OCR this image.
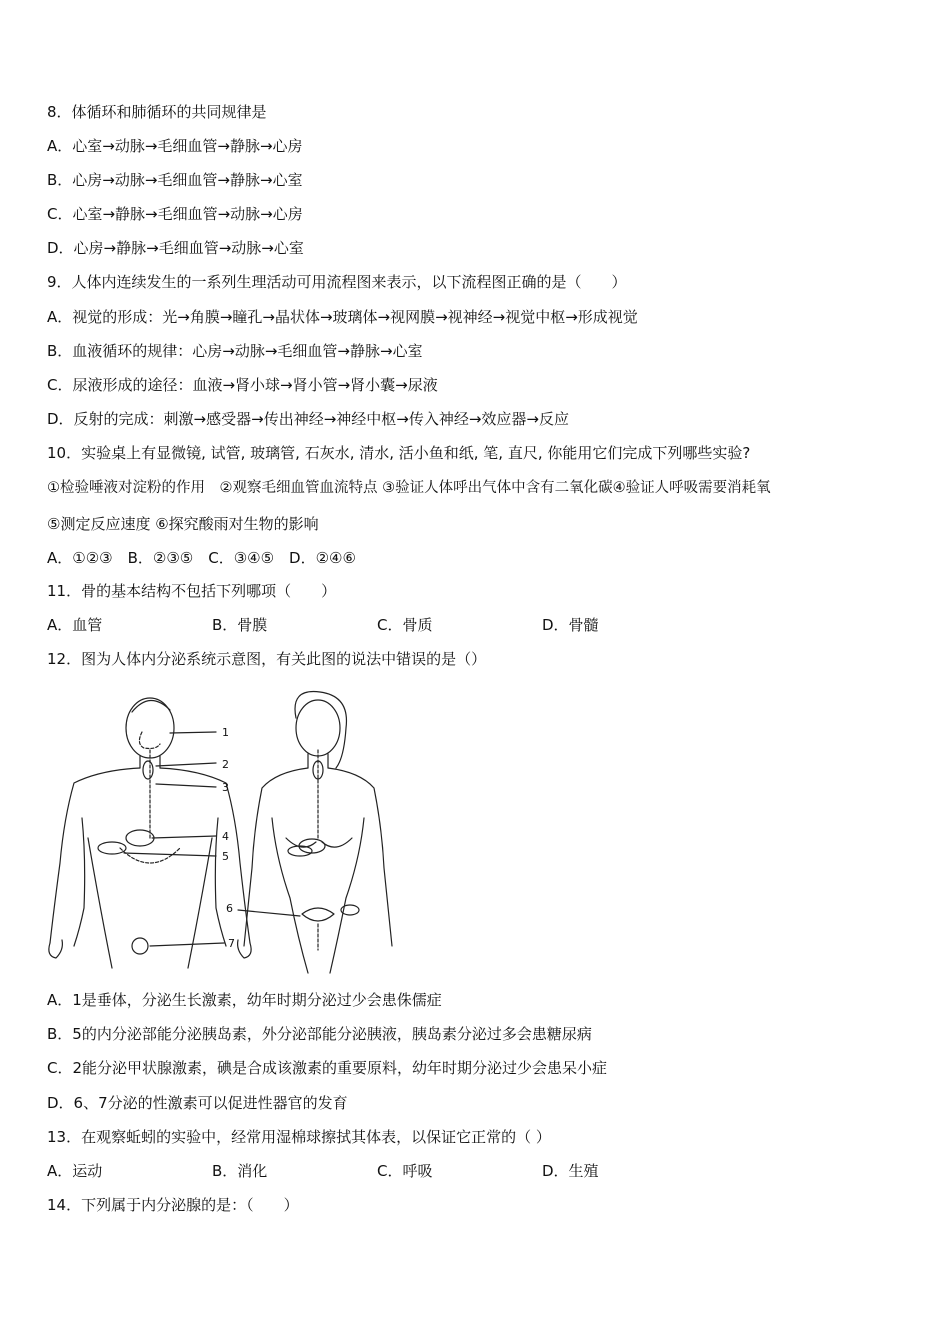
8．体循环和肺循环的共同规律是
A．心室→动脉→毛细血管→静脉→心房
B．心房→动脉→毛细血管→静脉→心室
C．心室→静脉→毛细血管→动脉→心房
D．心房→静脉→毛细血管→动脉→心室
9．人体内连续发生的一系列生理活动可用流程图来表示，以下流程图正确的是（　　）
A．视觉的形成：光→角膜→瞳孔→晶状体→玻璃体→视网膜→视神经→视觉中枢→形成视觉
B．血液循环的规律：心房→动脉→毛细血管→静脉→心室
C．尿液形成的途径：血液→肾小球→肾小管→肾小囊→尿液
D．反射的完成：刺激→感受器→传出神经→神经中枢→传入神经→效应器→反应
10．实验桌上有显微镜, 试管, 玻璃管, 石灰水, 清水, 活小鱼和纸, 笔, 直尺, 你能用它们完成下列哪些实验?
①检验唾液对淀粉的作用　②观察毛细血管血流特点 ③验证人体呼出气体中含有二氧化碳④验证人呼吸需要消耗氧
⑤测定反应速度 ⑥探究酸雨对生物的影响
A．①②③　B．②③⑤　C．③④⑤　D．②④⑥
11．骨的基本结构不包括下列哪项（　　）
A．血管	B．骨膜	C．骨质	D．骨髓
12．图为人体内分泌系统示意图，有关此图的说法中错误的是（）
1
2
3
4
5
6
7
A．1是垂体，分泌生长激素，幼年时期分泌过少会患侏儒症
B．5的内分泌部能分泌胰岛素，外分泌部能分泌胰液，胰岛素分泌过多会患糖尿病
C．2能分泌甲状腺激素，碘是合成该激素的重要原料，幼年时期分泌过少会患呆小症
D．6、7分泌的性激素可以促进性器官的发育
13．在观察蚯蚓的实验中，经常用湿棉球擦拭其体表，以保证它正常的（ ）
A．运动	B．消化	C．呼吸	D．生殖
14．下列属于内分泌腺的是：（　　）
